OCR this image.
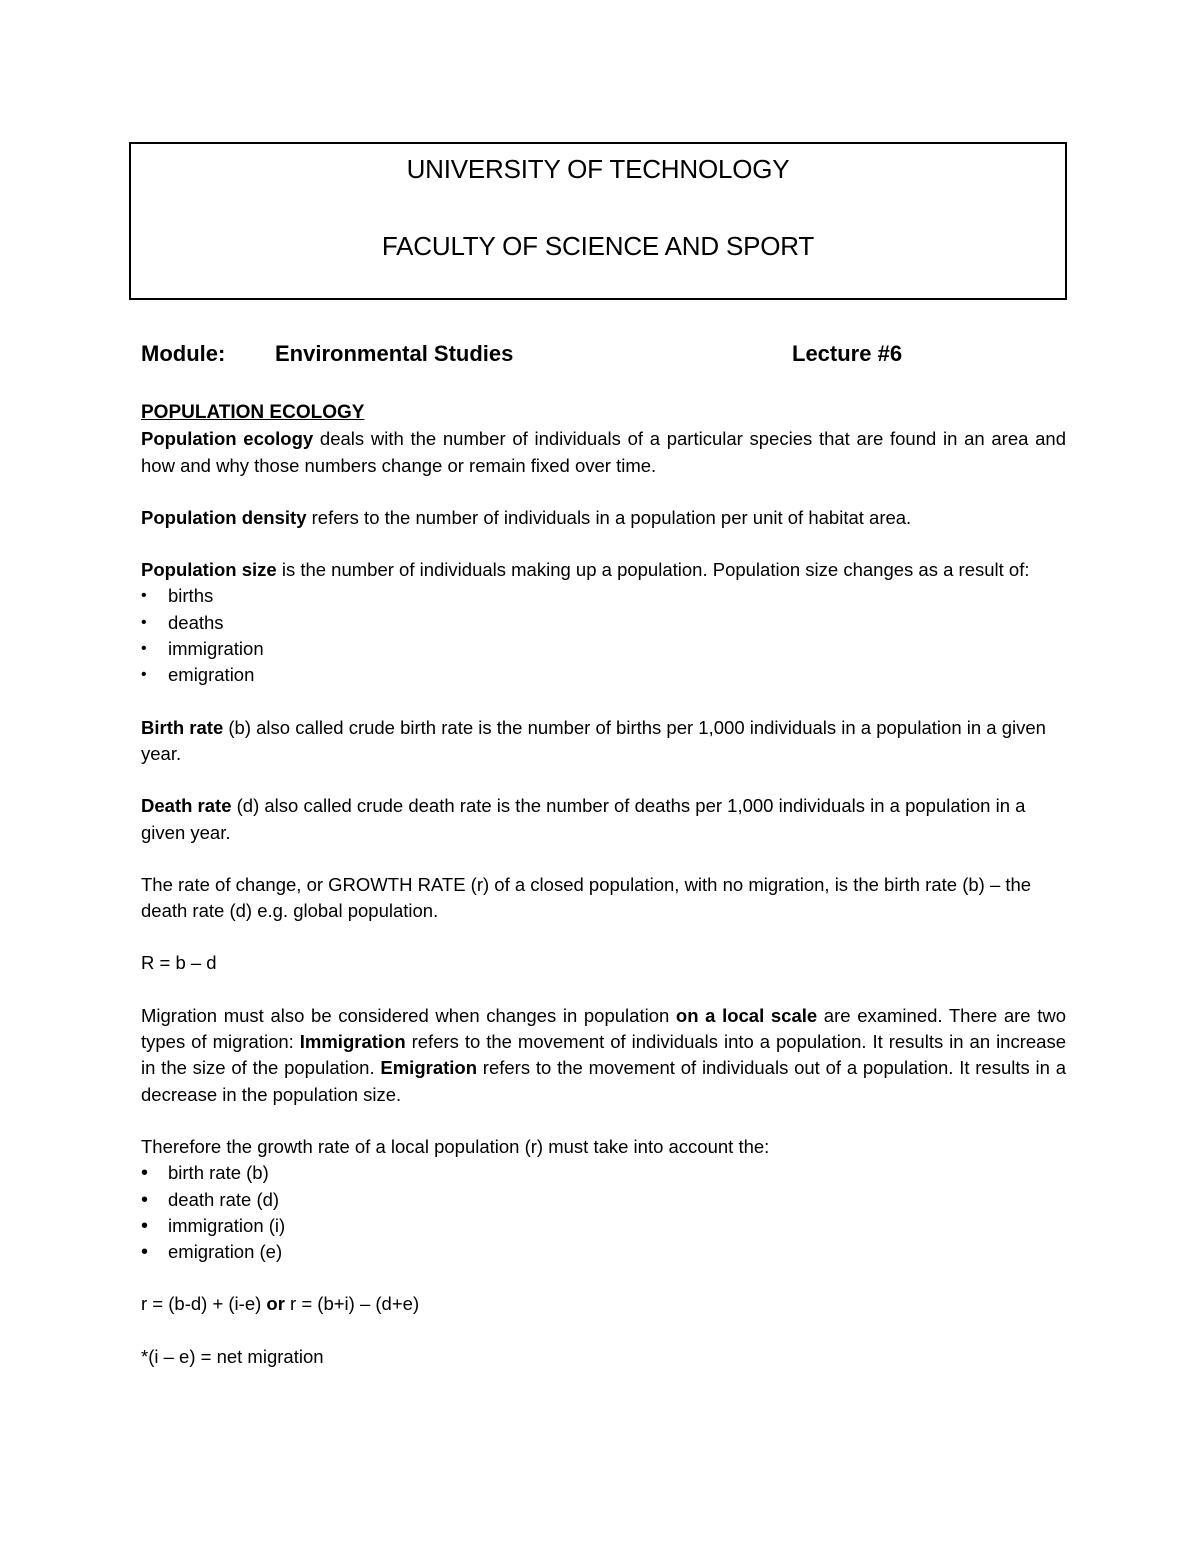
UNIVERSITY OF TECHNOLOGY
FACULTY OF SCIENCE AND SPORT
Module: Environmental Studies	Lecture #6

POPULATION ECOLOGY

Population ecology deals with the number of individuals of a particular species that are found in an area and how and why those numbers change or remain fixed over time.

Population density refers to the number of individuals in a population per unit of habitat area.

Population size is the number of individuals making up a population. Population size changes as a result of:

• births
• deaths
• immigration
• emigration

Birth rate (b) also called crude birth rate is the number of births per 1,000 individuals in a population in a given year.

Death rate (d) also called crude death rate is the number of deaths per 1,000 individuals in a population in a given year.

The rate of change, or GROWTH RATE (r) of a closed population, with no migration, is the birth rate (b) – the death rate (d) e.g. global population.

R = b – d

Migration must also be considered when changes in population on a local scale are examined. There are two types of migration: Immigration refers to the movement of individuals into a population. It results in an increase in the size of the population. Emigration refers to the movement of individuals out of a population. It results in a decrease in the population size.

Therefore the growth rate of a local population (r) must take into account the:

• birth rate (b)
• death rate (d)
• immigration (i)
• emigration (e)

r = (b-d) + (i-e) or r = (b+i) – (d+e)

*(i – e) = net migration
